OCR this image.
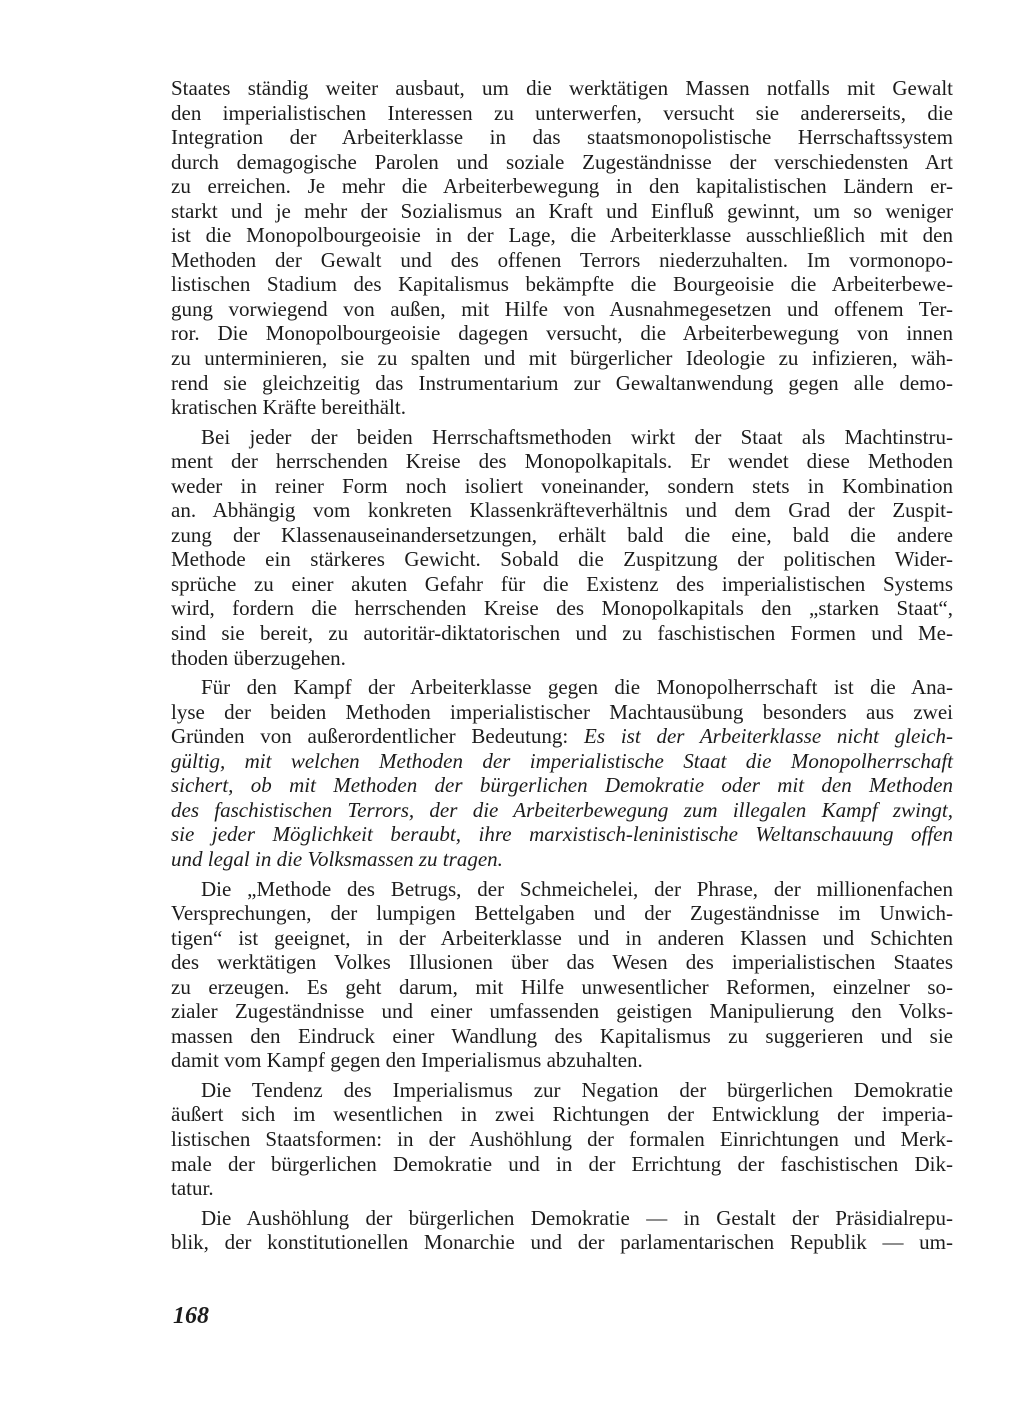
Staates ständig weiter ausbaut, um die werktätigen Massen notfalls mit Gewalt
den imperialistischen Interessen zu unterwerfen, versucht sie andererseits, die
Integration der Arbeiterklasse in das staatsmonopolistische Herrschaftssystem
durch demagogische Parolen und soziale Zugeständnisse der verschiedensten Art
zu erreichen. Je mehr die Arbeiterbewegung in den kapitalistischen Ländern er-
starkt und je mehr der Sozialismus an Kraft und Einfluß gewinnt, um so weniger
ist die Monopolbourgeoisie in der Lage, die Arbeiterklasse ausschließlich mit den
Methoden der Gewalt und des offenen Terrors niederzuhalten. Im vormonopo-
listischen Stadium des Kapitalismus bekämpfte die Bourgeoisie die Arbeiterbewe-
gung vorwiegend von außen, mit Hilfe von Ausnahmegesetzen und offenem Ter-
ror. Die Monopolbourgeoisie dagegen versucht, die Arbeiterbewegung von innen
zu unterminieren, sie zu spalten und mit bürgerlicher Ideologie zu infizieren, wäh-
rend sie gleichzeitig das Instrumentarium zur Gewaltanwendung gegen alle demo-
kratischen Kräfte bereithält.
Bei jeder der beiden Herrschaftsmethoden wirkt der Staat als Machtinstru-
ment der herrschenden Kreise des Monopolkapitals. Er wendet diese Methoden
weder in reiner Form noch isoliert voneinander, sondern stets in Kombination
an. Abhängig vom konkreten Klassenkräfteverhältnis und dem Grad der Zuspit-
zung der Klassenauseinandersetzungen, erhält bald die eine, bald die andere
Methode ein stärkeres Gewicht. Sobald die Zuspitzung der politischen Wider-
sprüche zu einer akuten Gefahr für die Existenz des imperialistischen Systems
wird, fordern die herrschenden Kreise des Monopolkapitals den „starken Staat“,
sind sie bereit, zu autoritär-diktatorischen und zu faschistischen Formen und Me-
thoden überzugehen.
Für den Kampf der Arbeiterklasse gegen die Monopolherrschaft ist die Ana-
lyse der beiden Methoden imperialistischer Machtausübung besonders aus zwei
Gründen von außerordentlicher Bedeutung: Es ist der Arbeiterklasse nicht gleich-
gültig, mit welchen Methoden der imperialistische Staat die Monopolherrschaft
sichert, ob mit Methoden der bürgerlichen Demokratie oder mit den Methoden
des faschistischen Terrors, der die Arbeiterbewegung zum illegalen Kampf zwingt,
sie jeder Möglichkeit beraubt, ihre marxistisch-leninistische Weltanschauung offen
und legal in die Volksmassen zu tragen.
Die „Methode des Betrugs, der Schmeichelei, der Phrase, der millionenfachen
Versprechungen, der lumpigen Bettelgaben und der Zugeständnisse im Unwich-
tigen“ ist geeignet, in der Arbeiterklasse und in anderen Klassen und Schichten
des werktätigen Volkes Illusionen über das Wesen des imperialistischen Staates
zu erzeugen. Es geht darum, mit Hilfe unwesentlicher Reformen, einzelner so-
zialer Zugeständnisse und einer umfassenden geistigen Manipulierung den Volks-
massen den Eindruck einer Wandlung des Kapitalismus zu suggerieren und sie
damit vom Kampf gegen den Imperialismus abzuhalten.
Die Tendenz des Imperialismus zur Negation der bürgerlichen Demokratie
äußert sich im wesentlichen in zwei Richtungen der Entwicklung der imperia-
listischen Staatsformen: in der Aushöhlung der formalen Einrichtungen und Merk-
male der bürgerlichen Demokratie und in der Errichtung der faschistischen Dik-
tatur.
Die Aushöhlung der bürgerlichen Demokratie — in Gestalt der Präsidialrepu-
blik, der konstitutionellen Monarchie und der parlamentarischen Republik — um-
168
